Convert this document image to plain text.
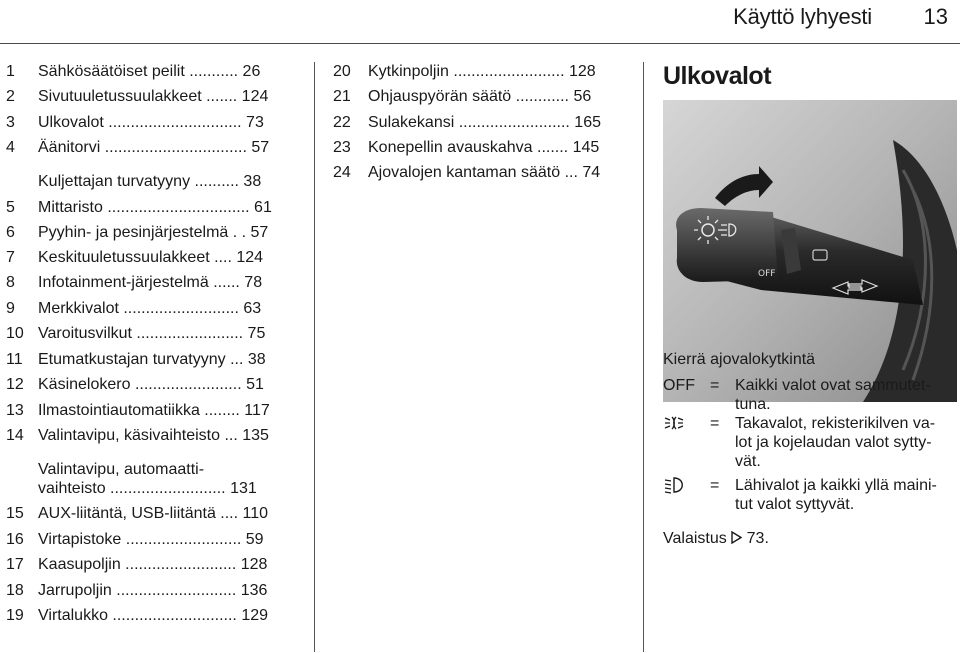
Käyttö lyhyesti 13
1 Sähkösäätöiset peilit ........... 26
2 Sivutuuletussuulakkeet ....... 124
3 Ulkovalot .............................. 73
4 Äänitorvi ................................ 57
Kuljettajan turvatyyny .......... 38
5 Mittaristo ................................ 61
6 Pyyhin- ja pesinjärjestelmä . . 57
7 Keskituuletussuulakkeet .... 124
8 Infotainment-järjestelmä ...... 78
9 Merkkivalot .......................... 63
10 Varoitusvilkut ........................ 75
11 Etumatkustajan turvatyyny ... 38
12 Käsinelokero ........................ 51
13 Ilmastointiautomatiikka ........ 117
14 Valintavipu, käsivaihteisto ... 135
Valintavipu, automaatti-
vaihteisto .......................... 131
15 AUX-liitäntä, USB-liitäntä .... 110
16 Virtapistoke .......................... 59
17 Kaasupoljin ......................... 128
18 Jarrupoljin ........................... 136
19 Virtalukko ............................ 129
20 Kytkinpoljin ......................... 128
21 Ohjauspyörän säätö ............ 56
22 Sulakekansi ......................... 165
23 Konepellin avauskahva ....... 145
24 Ajovalojen kantaman säätö ... 74
Ulkovalot
OFF
Kierrä ajovalokytkintä
OFF = Kaikki valot ovat sammutet-
tuna.
= Takavalot, rekisterikilven va-
lot ja kojelaudan valot sytty-
vät.
= Lähivalot ja kaikki yllä maini-
tut valot syttyvät.
Valaistus 73.
